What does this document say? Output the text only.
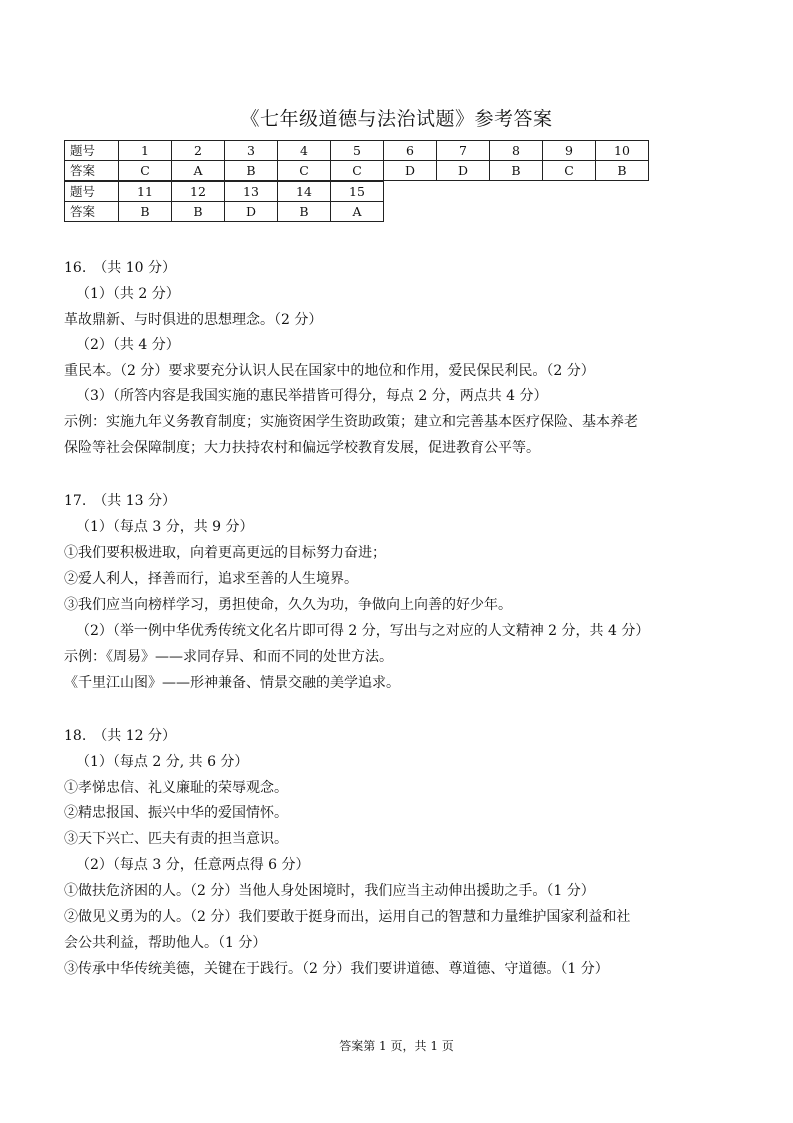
《七年级道德与法治试题》参考答案
题号	1	2	3	4	5	6	7	8	9	10
答案	C	A	B	C	C	D	D	B	C	B
题号	11	12	13	14	15
答案	B	B	D	B	A
16.　（共 10 分）
（1）（共 2 分）
革故鼎新、与时俱进的思想理念。（2 分）
（2）（共 4 分）
重民本。（2 分）要求要充分认识人民在国家中的地位和作用，爱民保民利民。（2 分）
（3）（所答内容是我国实施的惠民举措皆可得分，每点 2 分，两点共 4 分）
示例：实施九年义务教育制度；实施资困学生资助政策；建立和完善基本医疗保险、基本养老
保险等社会保障制度；大力扶持农村和偏远学校教育发展，促进教育公平等。
17.　（共 13 分）
（1）（每点 3 分，共 9 分）
①我们要积极进取，向着更高更远的目标努力奋进；
②爱人利人，择善而行，追求至善的人生境界。
③我们应当向榜样学习，勇担使命，久久为功，争做向上向善的好少年。
（2）（举一例中华优秀传统文化名片即可得 2 分，写出与之对应的人文精神 2 分，共 4 分）
示例：《周易》——求同存异、和而不同的处世方法。
《千里江山图》——形神兼备、情景交融的美学追求。
18.　（共 12 分）
（1）（每点 2 分, 共 6 分）
①孝悌忠信、礼义廉耻的荣辱观念。
②精忠报国、振兴中华的爱国情怀。
③天下兴亡、匹夫有责的担当意识。
（2）（每点 3 分，任意两点得 6 分）
①做扶危济困的人。（2 分）当他人身处困境时，我们应当主动伸出援助之手。（1 分）
②做见义勇为的人。（2 分）我们要敢于挺身而出，运用自己的智慧和力量维护国家利益和社
会公共利益，帮助他人。（1 分）
③传承中华传统美德，关键在于践行。（2 分）我们要讲道德、尊道德、守道德。（1 分）
答案第 1 页，共 1 页
